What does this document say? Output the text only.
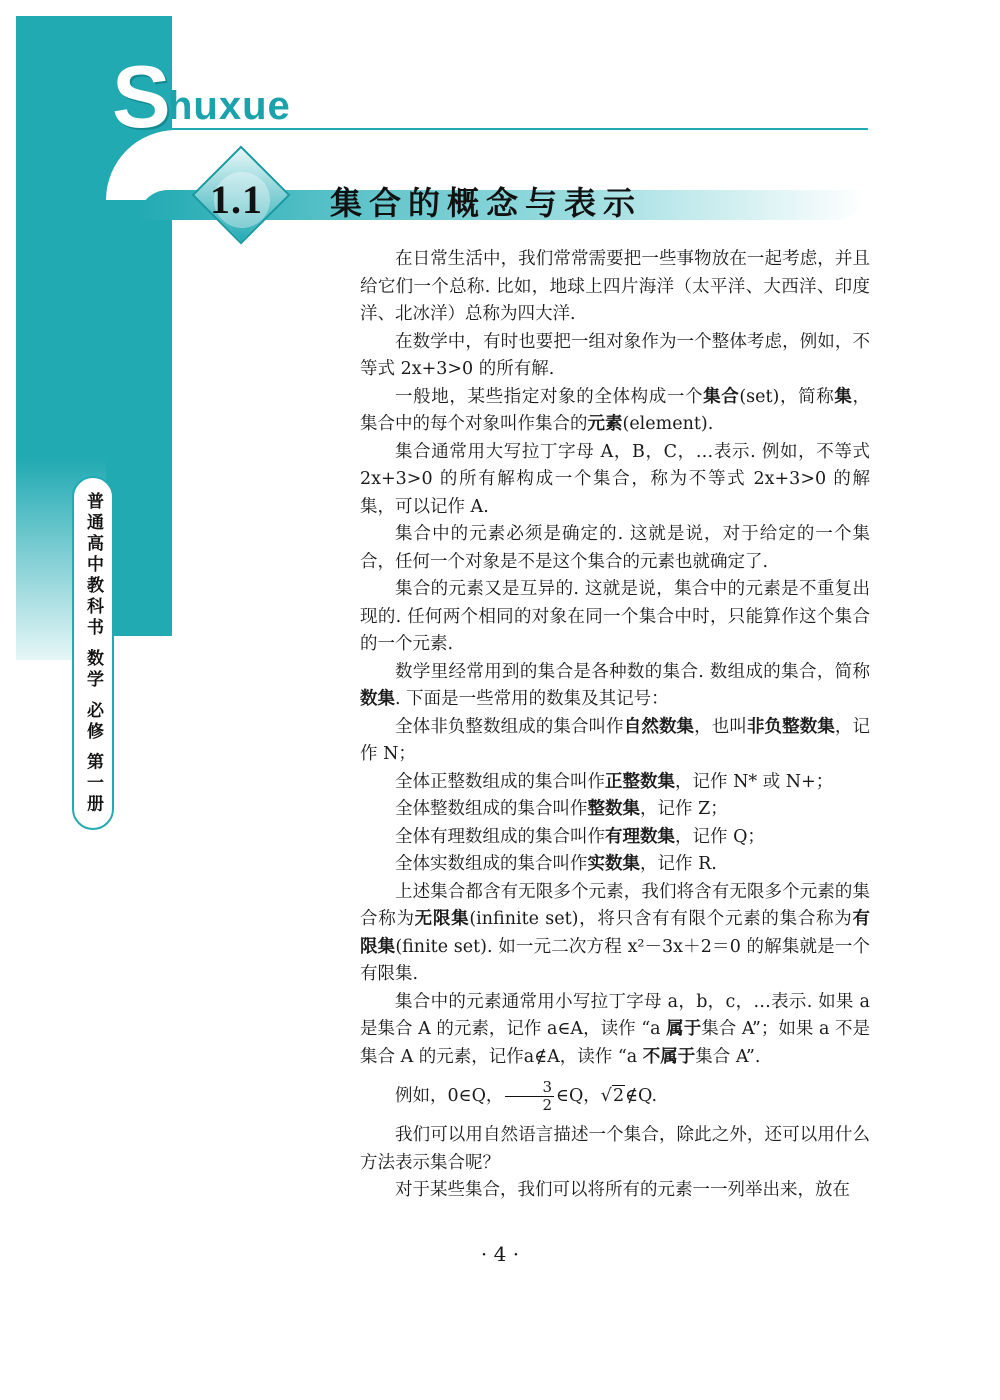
S
huxue
1.1 集合的概念与表示
普通高中教科书 数学 必修 第一册

在日常生活中，我们常常需要把一些事物放在一起考虑，并且给它们一个总称. 比如，地球上四片海洋（太平洋、大西洋、印度洋、北冰洋）总称为四大洋.

在数学中，有时也要把一组对象作为一个整体考虑，例如，不等式 2x+3>0 的所有解.

一般地，某些指定对象的全体构成一个集合(set)，简称集，集合中的每个对象叫作集合的元素(element).

集合通常用大写拉丁字母 A，B，C，…表示. 例如，不等式 2x+3>0 的所有解构成一个集合，称为不等式 2x+3>0 的解集，可以记作 A.

集合中的元素必须是确定的. 这就是说，对于给定的一个集合，任何一个对象是不是这个集合的元素也就确定了.

集合的元素又是互异的. 这就是说，集合中的元素是不重复出现的. 任何两个相同的对象在同一个集合中时，只能算作这个集合的一个元素.

数学里经常用到的集合是各种数的集合. 数组成的集合，简称数集. 下面是一些常用的数集及其记号：

全体非负整数组成的集合叫作自然数集，也叫非负整数集，记作 N；

全体正整数组成的集合叫作正整数集，记作 N* 或 N+；

全体整数组成的集合叫作整数集，记作 Z；

全体有理数组成的集合叫作有理数集，记作 Q；

全体实数组成的集合叫作实数集，记作 R.

上述集合都含有无限多个元素，我们将含有无限多个元素的集合称为无限集(infinite set)，将只含有有限个元素的集合称为有限集(finite set). 如一元二次方程 x²－3x＋2＝0 的解集就是一个有限集.

集合中的元素通常用小写拉丁字母 a，b，c，…表示. 如果 a 是集合 A 的元素，记作 a∈A，读作 “a 属于集合 A”；如果 a 不是集合 A 的元素，记作a∉A，读作 “a 不属于集合 A”.

例如，0∈Q， $\frac{3}{2}$ ∈Q，√2∉Q.

我们可以用自然语言描述一个集合，除此之外，还可以用什么方法表示集合呢？

对于某些集合，我们可以将所有的元素一一列举出来，放在

· 4 ·
